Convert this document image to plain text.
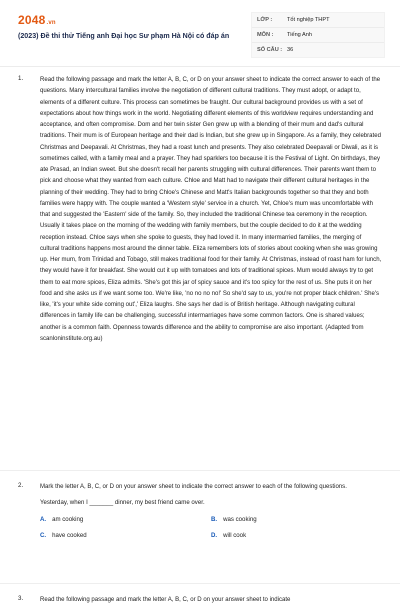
2048.vn
(2023) Đề thi thử Tiếng anh Đại học Sư phạm Hà Nội có đáp án
LỚP :	Tốt nghiệp THPT
MÔN :	Tiếng Anh
SỐ CÂU : 36
1.	Read the following passage and mark the letter A, B, C, or D on your answer sheet to indicate the correct answer to each of the questions. Many intercultural families involve the negotiation of different cultural traditions. They must adopt, or adapt to, elements of a different culture. This process can sometimes be fraught. Our cultural background provides us with a set of expectations about how things work in the world. Negotiating different elements of this worldview requires understanding and acceptance, and often compromise. Dom and her twin sister Gen grew up with a blending of their mum and dad's cultural traditions. Their mum is of European heritage and their dad is Indian, but she grew up in Singapore. As a family, they celebrated Christmas and Deepavali. At Christmas, they had a roast lunch and presents. They also celebrated Deepavali or Diwali, as it is sometimes called, with a family meal and a prayer. They had sparklers too because it is the Festival of Light. On birthdays, they ate Prasad, an Indian sweet. But she doesn't recall her parents struggling with cultural differences. Their parents want them to pick and choose what they wanted from each culture. Chloe and Matt had to navigate their different cultural heritages in the planning of their wedding. They had to bring Chloe's Chinese and Matt's Italian backgrounds together so that they and both families were happy with. The couple wanted a 'Western style' service in a church. Yet, Chloe's mum was uncomfortable with that and suggested the 'Eastern' side of the family. So, they included the traditional Chinese tea ceremony in the reception. Usually it takes place on the morning of the wedding with family members, but the couple decided to do it at the wedding reception instead. Chloe says when she spoke to guests, they had loved it. In many intermarried families, the merging of cultural traditions happens most around the dinner table. Eliza remembers lots of stories about cooking when she was growing up. Her mum, from Trinidad and Tobago, still makes traditional food for their family. At Christmas, instead of roast ham for lunch, they would have it for breakfast. She would cut it up with tomatoes and lots of traditional spices. Mum would always try to get them to eat more spices, Eliza admits. 'She's got this jar of spicy sauce and it's too spicy for the rest of us. She puts it on her food and she asks us if we want some too. We're like, 'no no no no!' So she'd say to us, you're not proper black children.' She's like, 'it's your white side coming out',' Eliza laughs. She says her dad is of British heritage. Although navigating cultural differences in family life can be challenging, successful intermarriages have some common factors. One is shared values; another is a common faith. Openness towards difference and the ability to compromise are also important. (Adapted from scanloninstitute.org.au)
2.	Mark the letter A, B, C, or D on your answer sheet to indicate the correct answer to each of the following questions.
Yesterday, when I _______ dinner, my best friend came over.
A. am cooking	B. was cooking
C. have cooked	D. will cook
3.	Read the following passage and mark the letter A, B, C, or D on your answer sheet to indicate
